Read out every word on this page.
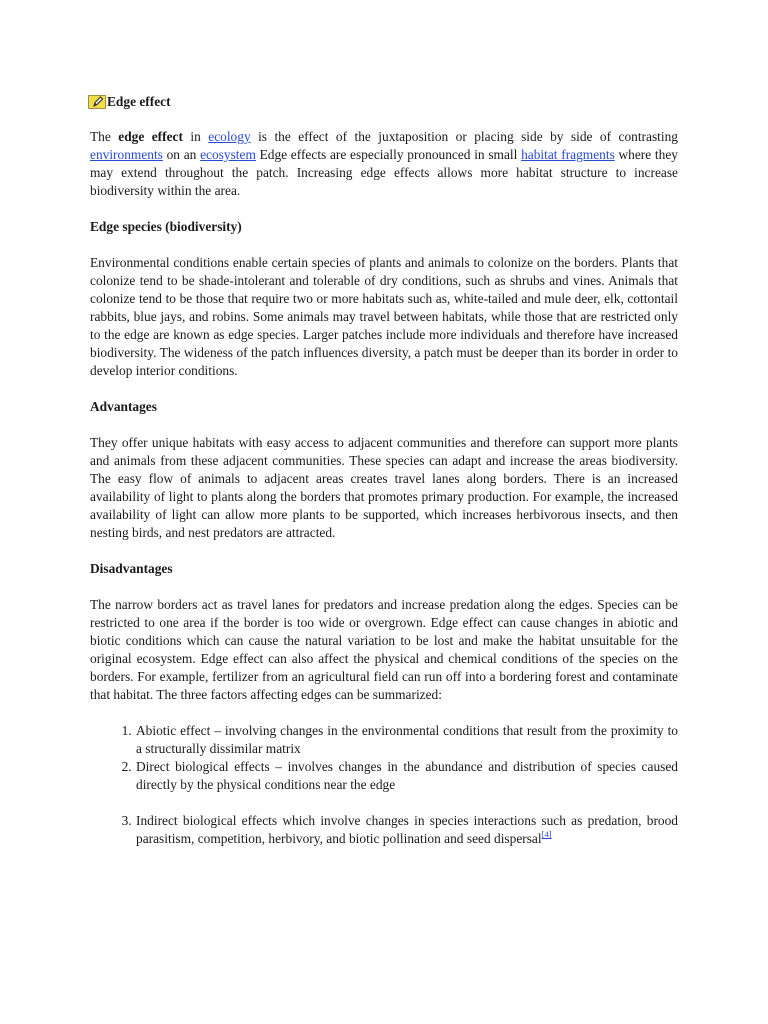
Edge effect

The edge effect in ecology is the effect of the juxtaposition or placing side by side of contrasting environments on an ecosystem Edge effects are especially pronounced in small habitat fragments where they may extend throughout the patch. Increasing edge effects allows more habitat structure to increase biodiversity within the area.

Edge species (biodiversity)

Environmental conditions enable certain species of plants and animals to colonize on the borders. Plants that colonize tend to be shade-intolerant and tolerable of dry conditions, such as shrubs and vines. Animals that colonize tend to be those that require two or more habitats such as, white-tailed and mule deer, elk, cottontail rabbits, blue jays, and robins. Some animals may travel between habitats, while those that are restricted only to the edge are known as edge species. Larger patches include more individuals and therefore have increased biodiversity. The wideness of the patch influences diversity, a patch must be deeper than its border in order to develop interior conditions.

Advantages

They offer unique habitats with easy access to adjacent communities and therefore can support more plants and animals from these adjacent communities. These species can adapt and increase the areas biodiversity. The easy flow of animals to adjacent areas creates travel lanes along borders. There is an increased availability of light to plants along the borders that promotes primary production. For example, the increased availability of light can allow more plants to be supported, which increases herbivorous insects, and then nesting birds, and nest predators are attracted.

Disadvantages

The narrow borders act as travel lanes for predators and increase predation along the edges. Species can be restricted to one area if the border is too wide or overgrown. Edge effect can cause changes in abiotic and biotic conditions which can cause the natural variation to be lost and make the habitat unsuitable for the original ecosystem. Edge effect can also affect the physical and chemical conditions of the species on the borders. For example, fertilizer from an agricultural field can run off into a bordering forest and contaminate that habitat. The three factors affecting edges can be summarized:

1. Abiotic effect – involving changes in the environmental conditions that result from the proximity to a structurally dissimilar matrix
2. Direct biological effects – involves changes in the abundance and distribution of species caused directly by the physical conditions near the edge
3. Indirect biological effects which involve changes in species interactions such as predation, brood parasitism, competition, herbivory, and biotic pollination and seed dispersal[4]
